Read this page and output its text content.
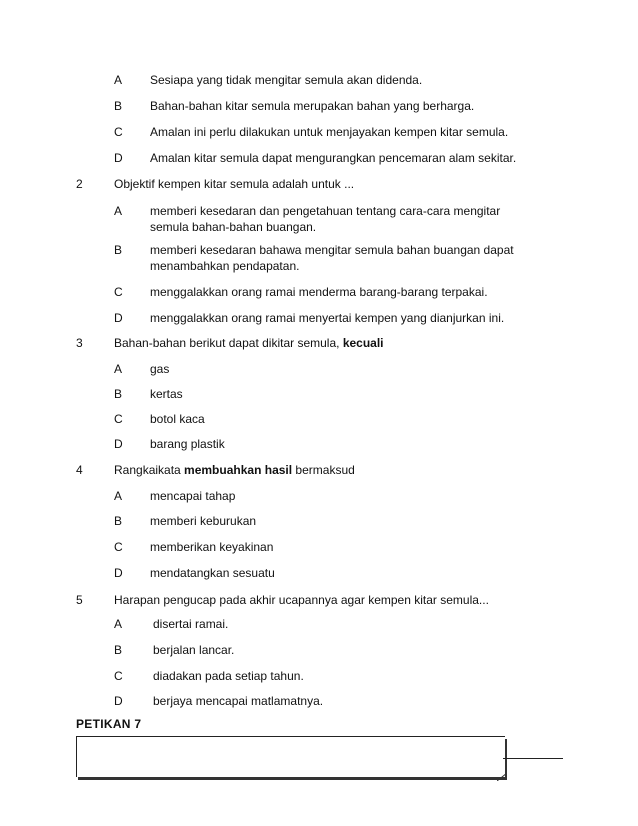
A Sesiapa yang tidak mengitar semula akan didenda.
B Bahan-bahan kitar semula merupakan bahan yang berharga.
C Amalan ini perlu dilakukan untuk menjayakan kempen kitar semula.
D Amalan kitar semula dapat mengurangkan pencemaran alam sekitar.
2	Objektif kempen kitar semula adalah untuk ...
A memberi kesedaran dan pengetahuan tentang cara-cara mengitar semula bahan-bahan buangan.
B memberi kesedaran bahawa mengitar semula bahan buangan dapat menambahkan pendapatan.
C menggalakkan orang ramai menderma barang-barang terpakai.
D menggalakkan orang ramai menyertai kempen yang dianjurkan ini.
3	Bahan-bahan berikut dapat dikitar semula, kecuali
A gas
B kertas
C botol kaca
D barang plastik
4	Rangkaikata membuahkan hasil bermaksud
A mencapai tahap
B memberi keburukan
C memberikan keyakinan
D mendatangkan sesuatu
5	Harapan pengucap pada akhir ucapannya agar kempen kitar semula...
A	disertai ramai.
B	berjalan lancar.
C	diadakan pada setiap tahun.
D	berjaya mencapai matlamatnya.
PETIKAN 7
